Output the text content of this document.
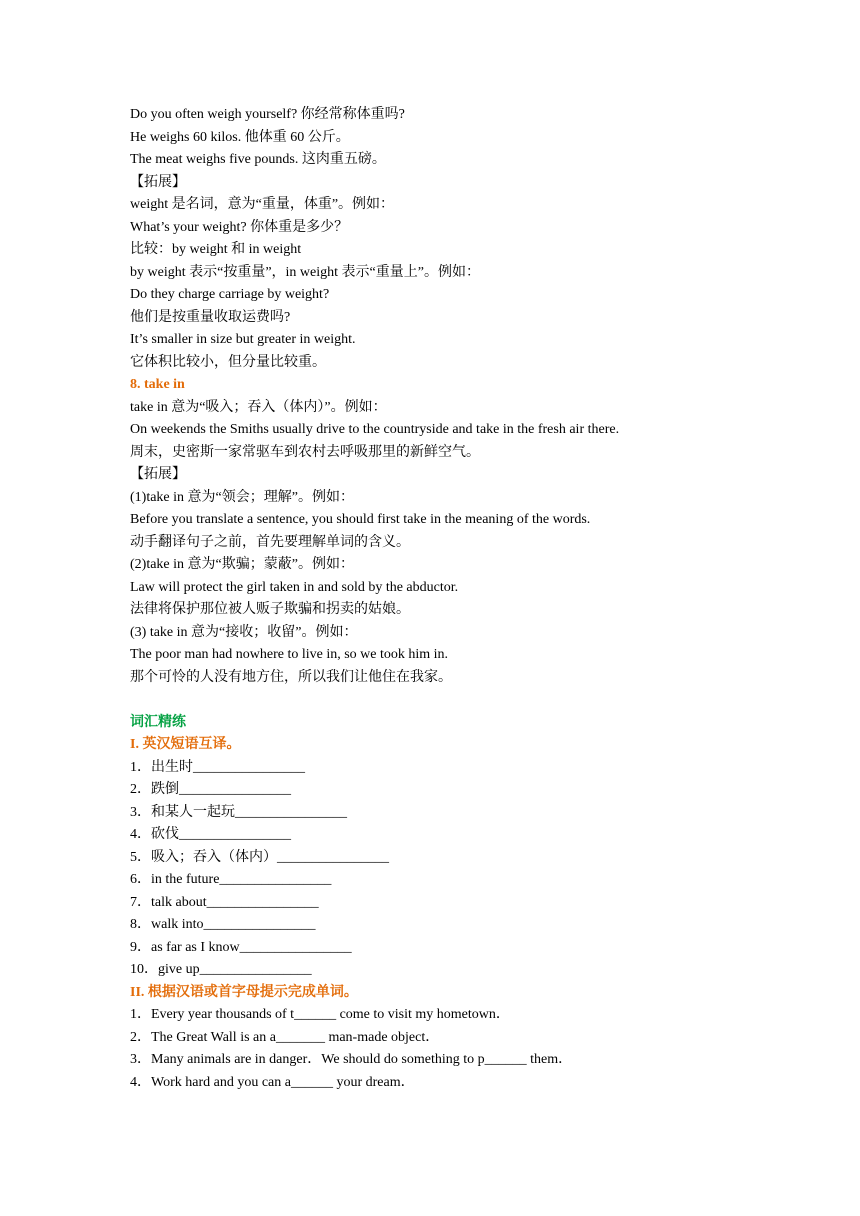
Do you often weigh yourself? 你经常称体重吗?
He weighs 60 kilos. 他体重 60 公斤。
The meat weighs five pounds. 这肉重五磅。
【拓展】
weight 是名词，意为“重量，体重”。例如：
What’s your weight? 你体重是多少？
比较：by weight 和 in weight
by weight 表示“按重量”，in weight 表示“重量上”。例如：
Do they charge carriage by weight?
他们是按重量收取运费吗?
It’s smaller in size but greater in weight.
它体积比较小，但分量比较重。
8. take in
take in 意为“吸入；吞入（体内）”。例如：
On weekends the Smiths usually drive to the countryside and take in the fresh air there.
周末，史密斯一家常驱车到农村去呼吸那里的新鲜空气。
【拓展】
(1)take in 意为“领会；理解”。例如：
Before you translate a sentence, you should first take in the meaning of the words.
动手翻译句子之前，首先要理解单词的含义。
(2)take in 意为“欺骗；蒙蔽”。例如：
Law will protect the girl taken in and sold by the abductor.
法律将保护那位被人贩子欺骗和拐卖的姑娘。
(3) take in 意为“接收；收留”。例如：
The poor man had nowhere to live in, so we took him in.
那个可怜的人没有地方住，所以我们让他住在我家。
词汇精练
I. 英汉短语互译。
1．出生时________________
2．跌倒________________
3．和某人一起玩________________
4．砍伐________________
5．吸入；吞入（体内）________________
6．in the future________________
7．talk about________________
8．walk into________________
9．as far as I know________________
10．give up________________
II. 根据汉语或首字母提示完成单词。
1．Every year thousands of t______ come to visit my hometown．
2．The Great Wall is an a_______ man-made object．
3．Many animals are in danger．We should do something to p______ them．
4．Work hard and you can a______ your dream．
